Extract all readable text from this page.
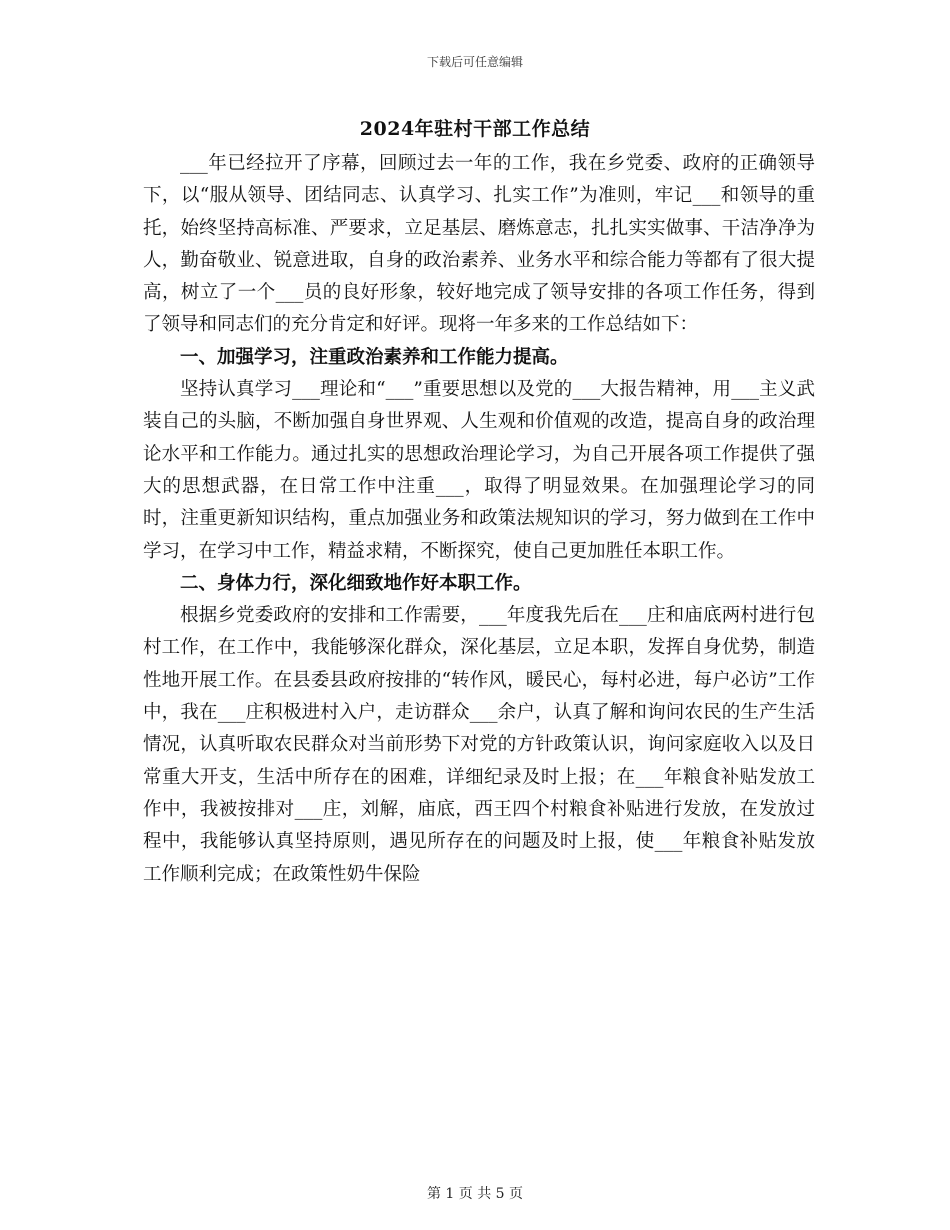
下载后可任意编辑
2024年驻村干部工作总结

___年已经拉开了序幕，回顾过去一年的工作，我在乡党委、政府的正确领导下，以“服从领导、团结同志、认真学习、扎实工作”为准则，牢记___和领导的重托，始终坚持高标准、严要求，立足基层、磨炼意志，扎扎实实做事、干洁净净为人，勤奋敬业、锐意进取，自身的政治素养、业务水平和综合能力等都有了很大提高，树立了一个___员的良好形象，较好地完成了领导安排的各项工作任务，得到了领导和同志们的充分肯定和好评。现将一年多来的工作总结如下：

一、加强学习，注重政治素养和工作能力提高。

坚持认真学习___理论和“___”重要思想以及党的___大报告精神，用___主义武装自己的头脑，不断加强自身世界观、人生观和价值观的改造，提高自身的政治理论水平和工作能力。通过扎实的思想政治理论学习，为自己开展各项工作提供了强大的思想武器，在日常工作中注重___，取得了明显效果。在加强理论学习的同时，注重更新知识结构，重点加强业务和政策法规知识的学习，努力做到在工作中学习，在学习中工作，精益求精，不断探究，使自己更加胜任本职工作。

二、身体力行，深化细致地作好本职工作。

根据乡党委政府的安排和工作需要，___年度我先后在___庄和庙底两村进行包村工作，在工作中，我能够深化群众，深化基层，立足本职，发挥自身优势，制造性地开展工作。在县委县政府按排的“转作风，暖民心，每村必进，每户必访”工作中，我在___庄积极进村入户，走访群众___余户，认真了解和询问农民的生产生活情况，认真听取农民群众对当前形势下对党的方针政策认识，询问家庭收入以及日常重大开支，生活中所存在的困难，详细纪录及时上报；在___年粮食补贴发放工作中，我被按排对___庄，刘解，庙底，西王四个村粮食补贴进行发放，在发放过程中，我能够认真坚持原则，遇见所存在的问题及时上报，使___年粮食补贴发放工作顺利完成；在政策性奶牛保险

第 1 页 共 5 页
